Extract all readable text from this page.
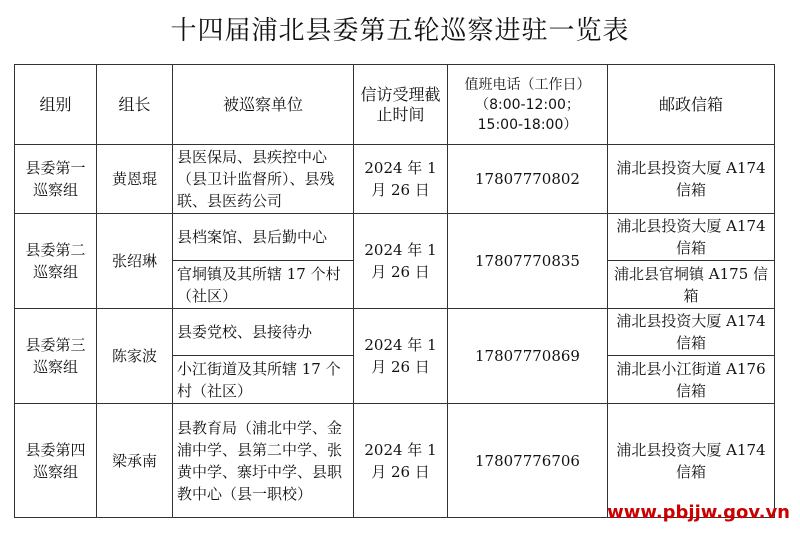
十四届浦北县委第五轮巡察进驻一览表
组别	组长	被巡察单位	信访受理截止时间	值班电话（工作日）
（8:00-12:00；
15:00-18:00）	邮政信箱
县委第一巡察组	黄恩琨	县医保局、县疾控中心（县卫计监督所）、县残联、县医药公司	2024 年 1 月 26 日	17807770802	浦北县投资大厦 A174 信箱
县委第二巡察组	张绍琳	县档案馆、县后勤中心	2024 年 1 月 26 日	17807770835	浦北县投资大厦 A174 信箱
		官垌镇及其所辖 17 个村（社区）			浦北县官垌镇 A175 信箱
县委第三巡察组	陈家波	县委党校、县接待办	2024 年 1 月 26 日	17807770869	浦北县投资大厦 A174 信箱
		小江街道及其所辖 17 个村（社区）			浦北县小江街道 A176 信箱
县委第四巡察组	梁承南	县教育局（浦北中学、金浦中学、县第二中学、张黄中学、寨圩中学、县职教中心（县一职校）	2024 年 1 月 26 日	17807776706	浦北县投资大厦 A174 信箱
www.pbjjw.gov.vn
